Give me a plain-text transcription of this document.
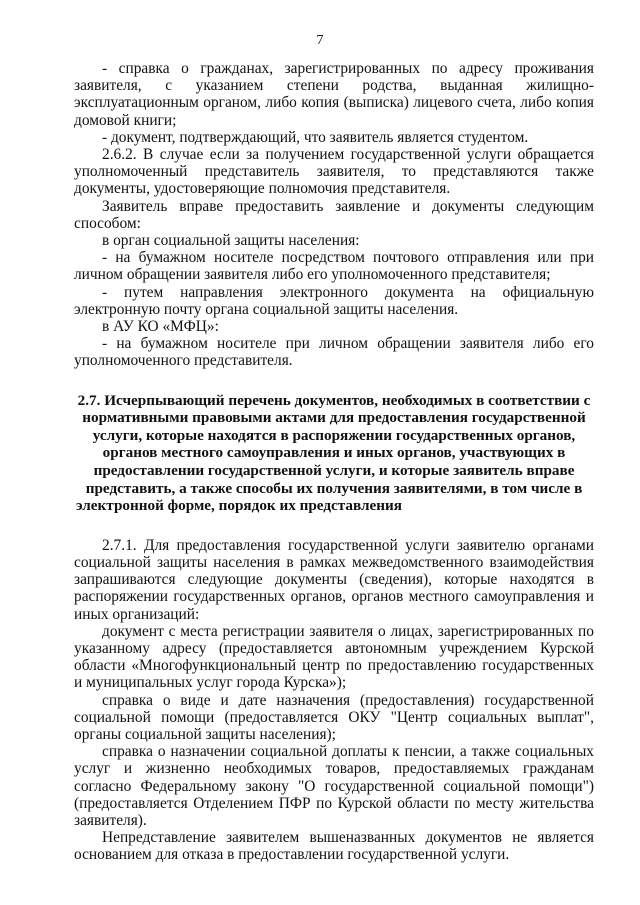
7

- справка о гражданах, зарегистрированных по адресу проживания заявителя, с указанием степени родства, выданная жилищно-эксплуатационным органом, либо копия (выписка) лицевого счета, либо копия домовой книги;

- документ, подтверждающий, что заявитель является студентом.

2.6.2. В случае если за получением государственной услуги обращается уполномоченный представитель заявителя, то представляются также документы, удостоверяющие полномочия представителя.

Заявитель вправе предоставить заявление и документы следующим способом:

в орган социальной защиты населения:

- на бумажном носителе посредством почтового отправления или при личном обращении заявителя либо его уполномоченного представителя;

- путем направления электронного документа на официальную электронную почту органа социальной защиты населения.

в АУ КО «МФЦ»:

- на бумажном носителе при личном обращении заявителя либо его уполномоченного представителя.

2.7. Исчерпывающий перечень документов, необходимых в соответствии с нормативными правовыми актами для предоставления государственной услуги, которые находятся в распоряжении государственных органов, органов местного самоуправления и иных органов, участвующих в предоставлении государственной услуги, и которые заявитель вправе представить, а также способы их получения заявителями, в том числе в электронной форме, порядок их представления

2.7.1. Для предоставления государственной услуги заявителю органами социальной защиты населения в рамках межведомственного взаимодействия запрашиваются следующие документы (сведения), которые находятся в распоряжении государственных органов, органов местного самоуправления и иных организаций:

документ с места регистрации заявителя о лицах, зарегистрированных по указанному адресу (предоставляется автономным учреждением Курской области «Многофункциональный центр по предоставлению государственных и муниципальных услуг города Курска»);

справка о виде и дате назначения (предоставления) государственной социальной помощи (предоставляется ОКУ "Центр социальных выплат", органы социальной защиты населения);

справка о назначении социальной доплаты к пенсии, а также социальных услуг и жизненно необходимых товаров, предоставляемых гражданам согласно Федеральному закону "О государственной социальной помощи") (предоставляется Отделением ПФР по Курской области по месту жительства заявителя).

Непредставление заявителем вышеназванных документов не является основанием для отказа в предоставлении государственной услуги.
